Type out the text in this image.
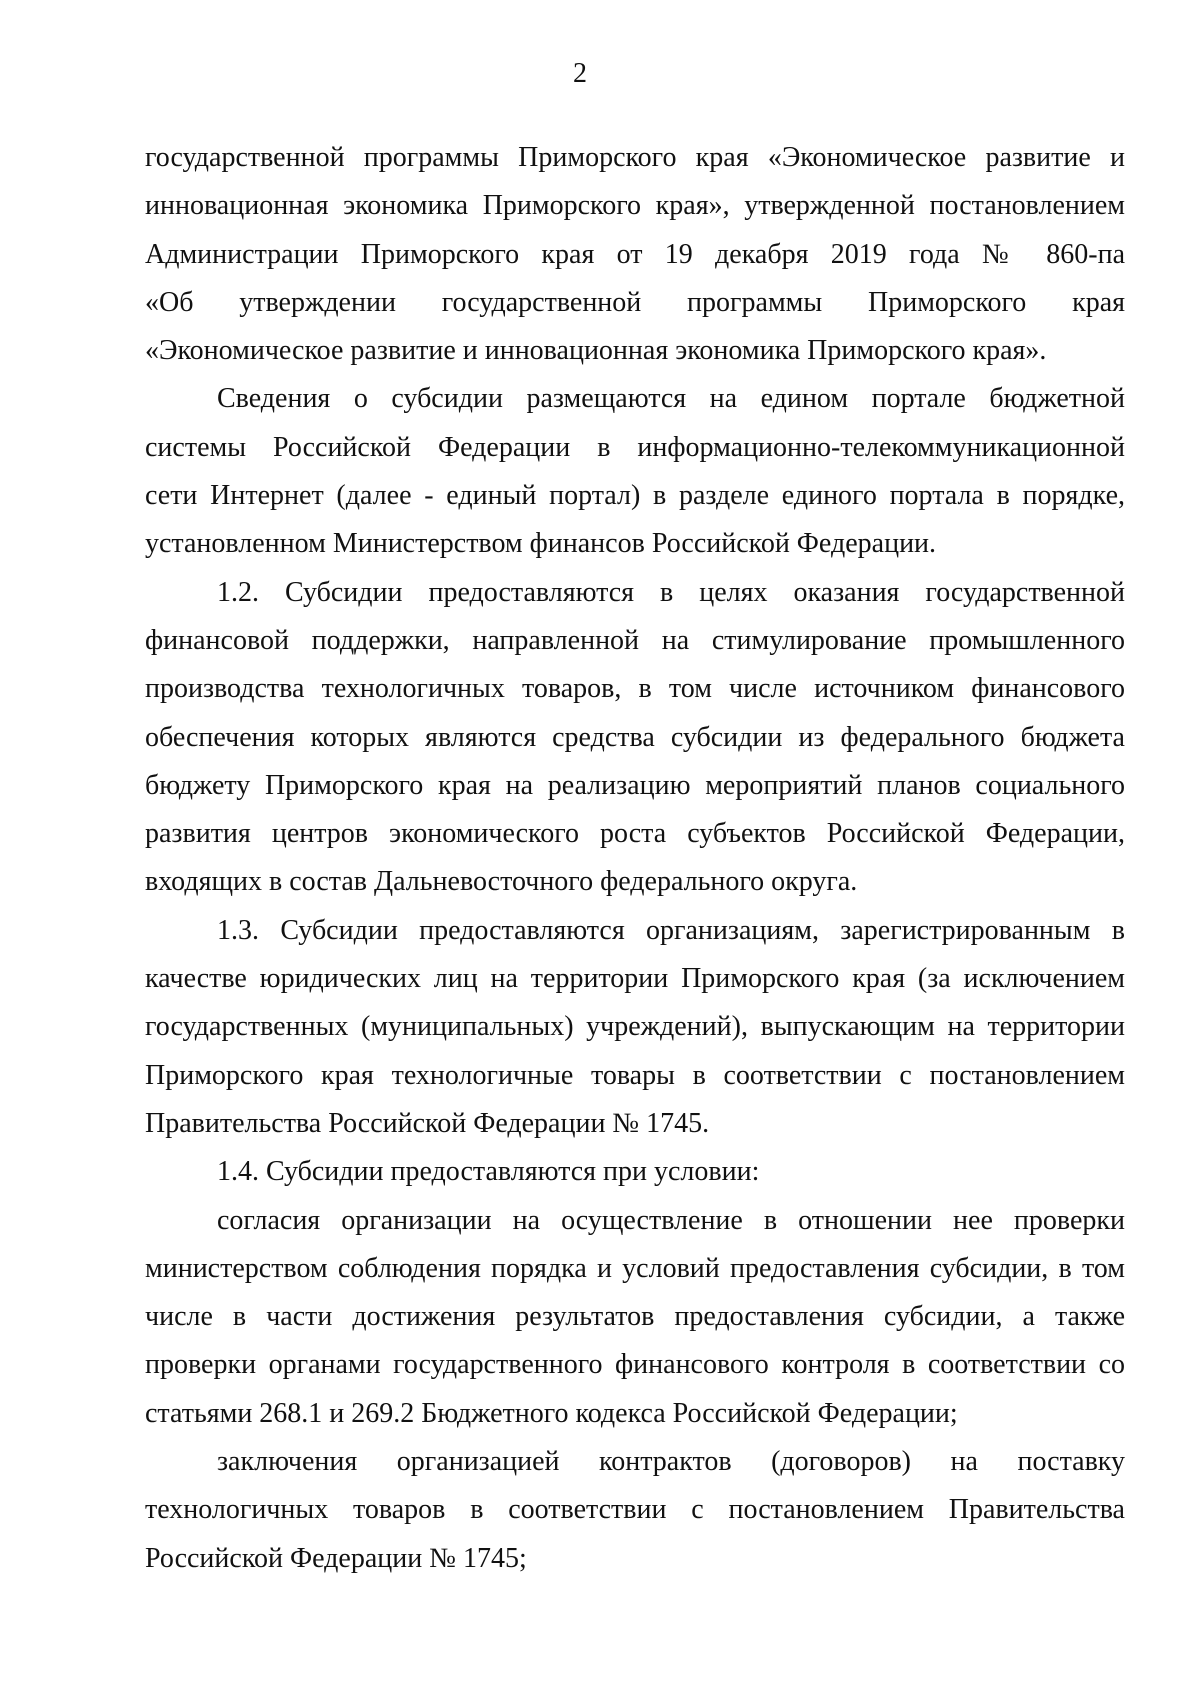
2

государственной программы Приморского края «Экономическое развитие и
инновационная экономика Приморского края», утвержденной постановлением
Администрации Приморского края от 19 декабря 2019 года № 860-па
«Об утверждении государственной программы Приморского края
«Экономическое развитие и инновационная экономика Приморского края».

Сведения о субсидии размещаются на едином портале бюджетной
системы Российской Федерации в информационно-телекоммуникационной
сети Интернет (далее - единый портал) в разделе единого портала в порядке,
установленном Министерством финансов Российской Федерации.

1.2. Субсидии предоставляются в целях оказания государственной
финансовой поддержки, направленной на стимулирование промышленного
производства технологичных товаров, в том числе источником финансового
обеспечения которых являются средства субсидии из федерального бюджета
бюджету Приморского края на реализацию мероприятий планов социального
развития центров экономического роста субъектов Российской Федерации,
входящих в состав Дальневосточного федерального округа.

1.3. Субсидии предоставляются организациям, зарегистрированным в
качестве юридических лиц на территории Приморского края (за исключением
государственных (муниципальных) учреждений), выпускающим на территории
Приморского края технологичные товары в соответствии с постановлением
Правительства Российской Федерации № 1745.

1.4. Субсидии предоставляются при условии:

согласия организации на осуществление в отношении нее проверки
министерством соблюдения порядка и условий предоставления субсидии, в том
числе в части достижения результатов предоставления субсидии, а также
проверки органами государственного финансового контроля в соответствии со
статьями 268.1 и 269.2 Бюджетного кодекса Российской Федерации;

заключения организацией контрактов (договоров) на поставку
технологичных товаров в соответствии с постановлением Правительства
Российской Федерации № 1745;
